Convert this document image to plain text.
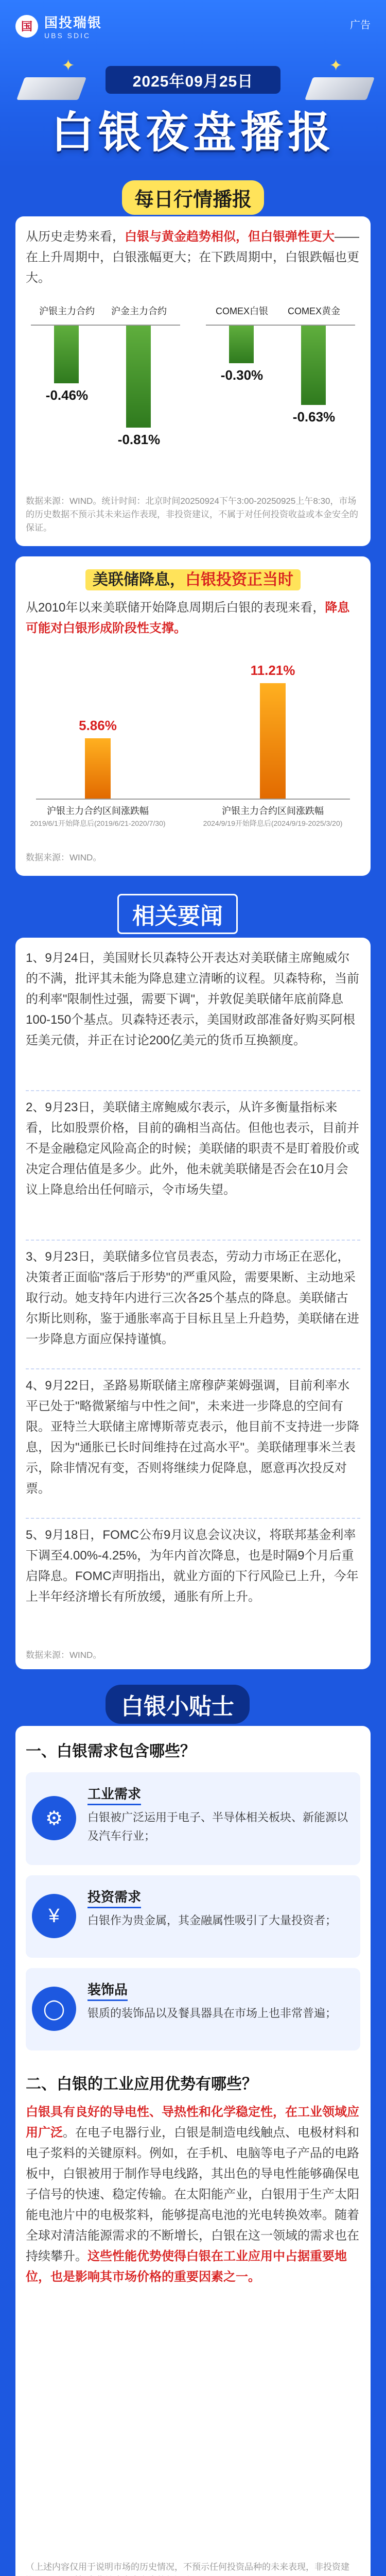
国 国投瑞银
UBS SDIC
广告
✦	✦
2025年09月25日
白银夜盘播报
每日行情播报

从历史走势来看，白银与黄金趋势相似，但白银弹性更大——在上升周期中，白银涨幅更大；在下跌周期中，白银跌幅也更大。

沪银主力合约	沪金主力合约
-0.46%
-0.81%
COMEX白银	COMEX黄金
-0.30%
-0.63%

数据来源：WIND。统计时间：北京时间20250924下午3:00-20250925上午8:30，市场的历史数据不预示其未来运作表现，非投资建议，不属于对任何投资收益或本金安全的保证。

美联储降息，白银投资正当时

从2010年以来美联储开始降息周期后白银的表现来看，降息可能对白银形成阶段性支撑。

5.86%
11.21%
沪银主力合约区间涨跌幅	沪银主力合约区间涨跌幅
2019/6/1开始降息后(2019/6/21-2020/7/30)	2024/9/19开始降息后(2024/9/19-2025/3/20)

数据来源：WIND。

相关要闻

1、9月24日，美国财长贝森特公开表达对美联储主席鲍威尔的不满，批评其未能为降息建立清晰的议程。贝森特称，当前的利率"限制性过强，需要下调"，并敦促美联储年底前降息100-150个基点。贝森特还表示，美国财政部准备好购买阿根廷美元债，并正在讨论200亿美元的货币互换额度。

2、9月23日，美联储主席鲍威尔表示，从许多衡量指标来看，比如股票价格，目前的确相当高估。但他也表示，目前并不是金融稳定风险高企的时候；美联储的职责不是盯着股价或决定合理估值是多少。此外，他未就美联储是否会在10月会议上降息给出任何暗示，令市场失望。

3、9月23日，美联储多位官员表态，劳动力市场正在恶化，决策者正面临"落后于形势"的严重风险，需要果断、主动地采取行动。她支持年内进行三次各25个基点的降息。美联储古尔斯比则称，鉴于通胀率高于目标且呈上升趋势，美联储在进一步降息方面应保持谨慎。

4、9月22日，圣路易斯联储主席穆萨莱姆强调，目前利率水平已处于"略微紧缩与中性之间"，未来进一步降息的空间有限。亚特兰大联储主席博斯蒂克表示，他目前不支持进一步降息，因为"通胀已长时间维持在过高水平"。美联储理事米兰表示，除非情况有变，否则将继续力促降息，愿意再次投反对票。

5、9月18日，FOMC公布9月议息会议决议，将联邦基金利率下调至4.00%-4.25%，为年内首次降息，也是时隔9个月后重启降息。FOMC声明指出，就业方面的下行风险已上升，今年上半年经济增长有所放缓，通胀有所上升。

数据来源：WIND。

白银小贴士
一、白银需求包含哪些？
⚙
工业需求
白银被广泛运用于电子、半导体相关板块、新能源以及汽车行业；
¥
投资需求
白银作为贵金属，其金融属性吸引了大量投资者；
◯
装饰品
银质的装饰品以及餐具器具在市场上也非常普遍；
二、白银的工业应用优势有哪些？

白银具有良好的导电性、导热性和化学稳定性，在工业领域应用广泛。在电子电器行业，白银是制造电线触点、电极材料和电子浆料的关键原料。例如，在手机、电脑等电子产品的电路板中，白银被用于制作导电线路，其出色的导电性能够确保电子信号的快速、稳定传输。在太阳能产业，白银用于生产太阳能电池片中的电极浆料，能够提高电池的光电转换效率。随着全球对清洁能源需求的不断增长，白银在这一领域的需求也在持续攀升。这些性能优势使得白银在工业应用中占据重要地位，也是影响其市场价格的重要因素之一。

（上述内容仅用于说明市场的历史情况，不预示任何投资品种的未来表现，非投资建
